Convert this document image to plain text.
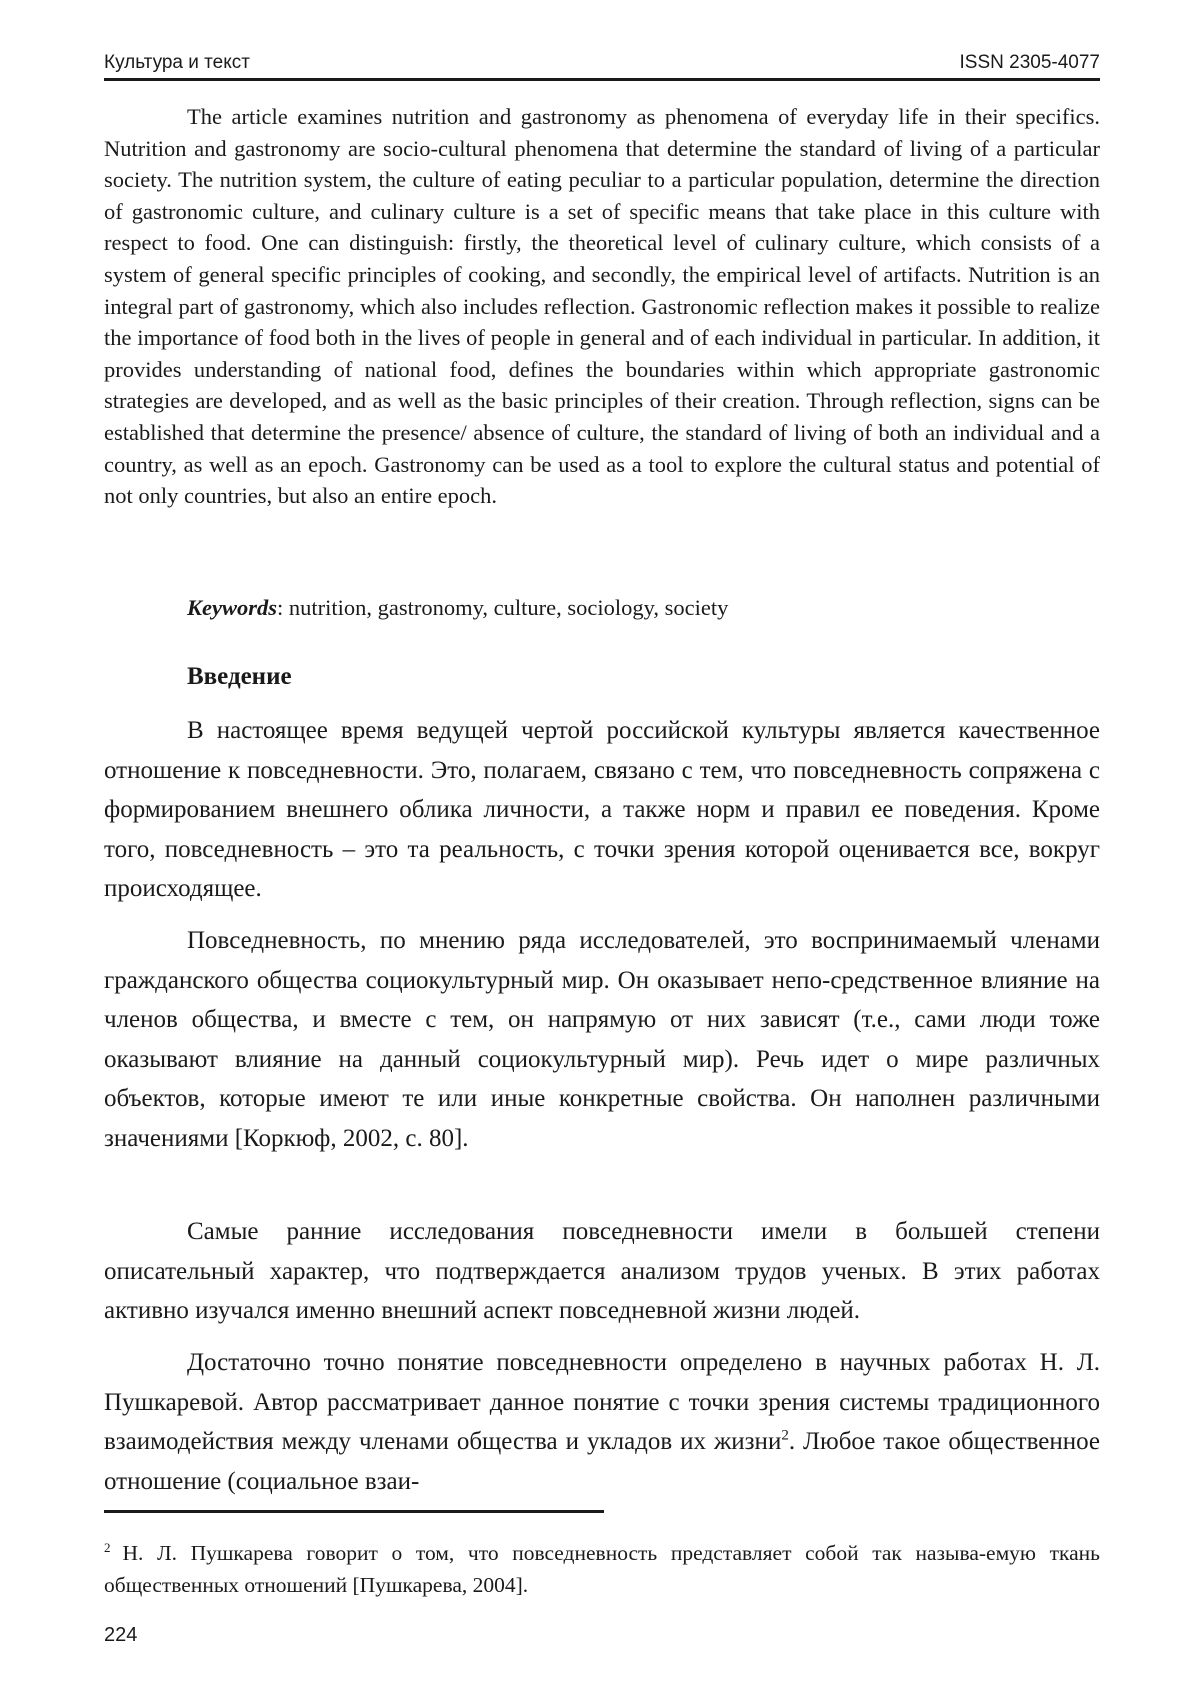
Культура и текст	ISSN 2305-4077

The article examines nutrition and gastronomy as phenomena of everyday life in their specifics. Nutrition and gastronomy are socio-cultural phenomena that determine the standard of living of a particular society. The nutrition system, the culture of eating peculiar to a particular population, determine the direction of gastronomic culture, and culinary culture is a set of specific means that take place in this culture with respect to food. One can distinguish: firstly, the theoretical level of culinary culture, which consists of a system of general specific principles of cooking, and secondly, the empirical level of artifacts. Nutrition is an integral part of gastronomy, which also includes reflection. Gastronomic reflection makes it possible to realize the importance of food both in the lives of people in general and of each individual in particular. In addition, it provides understanding of national food, defines the boundaries within which appropriate gastronomic strategies are developed, and as well as the basic principles of their creation. Through reflection, signs can be established that determine the presence/ absence of culture, the standard of living of both an individual and a country, as well as an epoch. Gastronomy can be used as a tool to explore the cultural status and potential of not only countries, but also an entire epoch.

Keywords: nutrition, gastronomy, culture, sociology, society

Введение

В настоящее время ведущей чертой российской культуры является качественное отношение к повседневности. Это, полагаем, связано с тем, что повседневность сопряжена с формированием внешнего облика личности, а также норм и правил ее поведения. Кроме того, повседневность – это та реальность, с точки зрения которой оценивается все, вокруг происходящее.

Повседневность, по мнению ряда исследователей, это воспринимаемый членами гражданского общества социокультурный мир. Он оказывает непо-средственное влияние на членов общества, и вместе с тем, он напрямую от них зависят (т.е., сами люди тоже оказывают влияние на данный социокультурный мир). Речь идет о мире различных объектов, которые имеют те или иные конкретные свойства. Он наполнен различными значениями [Коркюф, 2002, с. 80].

Самые ранние исследования повседневности имели в большей степени описательный характер, что подтверждается анализом трудов ученых. В этих работах активно изучался именно внешний аспект повседневной жизни людей.

Достаточно точно понятие повседневности определено в научных работах Н. Л. Пушкаревой. Автор рассматривает данное понятие с точки зрения системы традиционного взаимодействия между членами общества и укладов их жизни$^2$. Любое такое общественное отношение (социальное взаи-

$^2$ Н. Л. Пушкарева говорит о том, что повседневность представляет собой так называ-емую ткань общественных отношений [Пушкарева, 2004].

224
